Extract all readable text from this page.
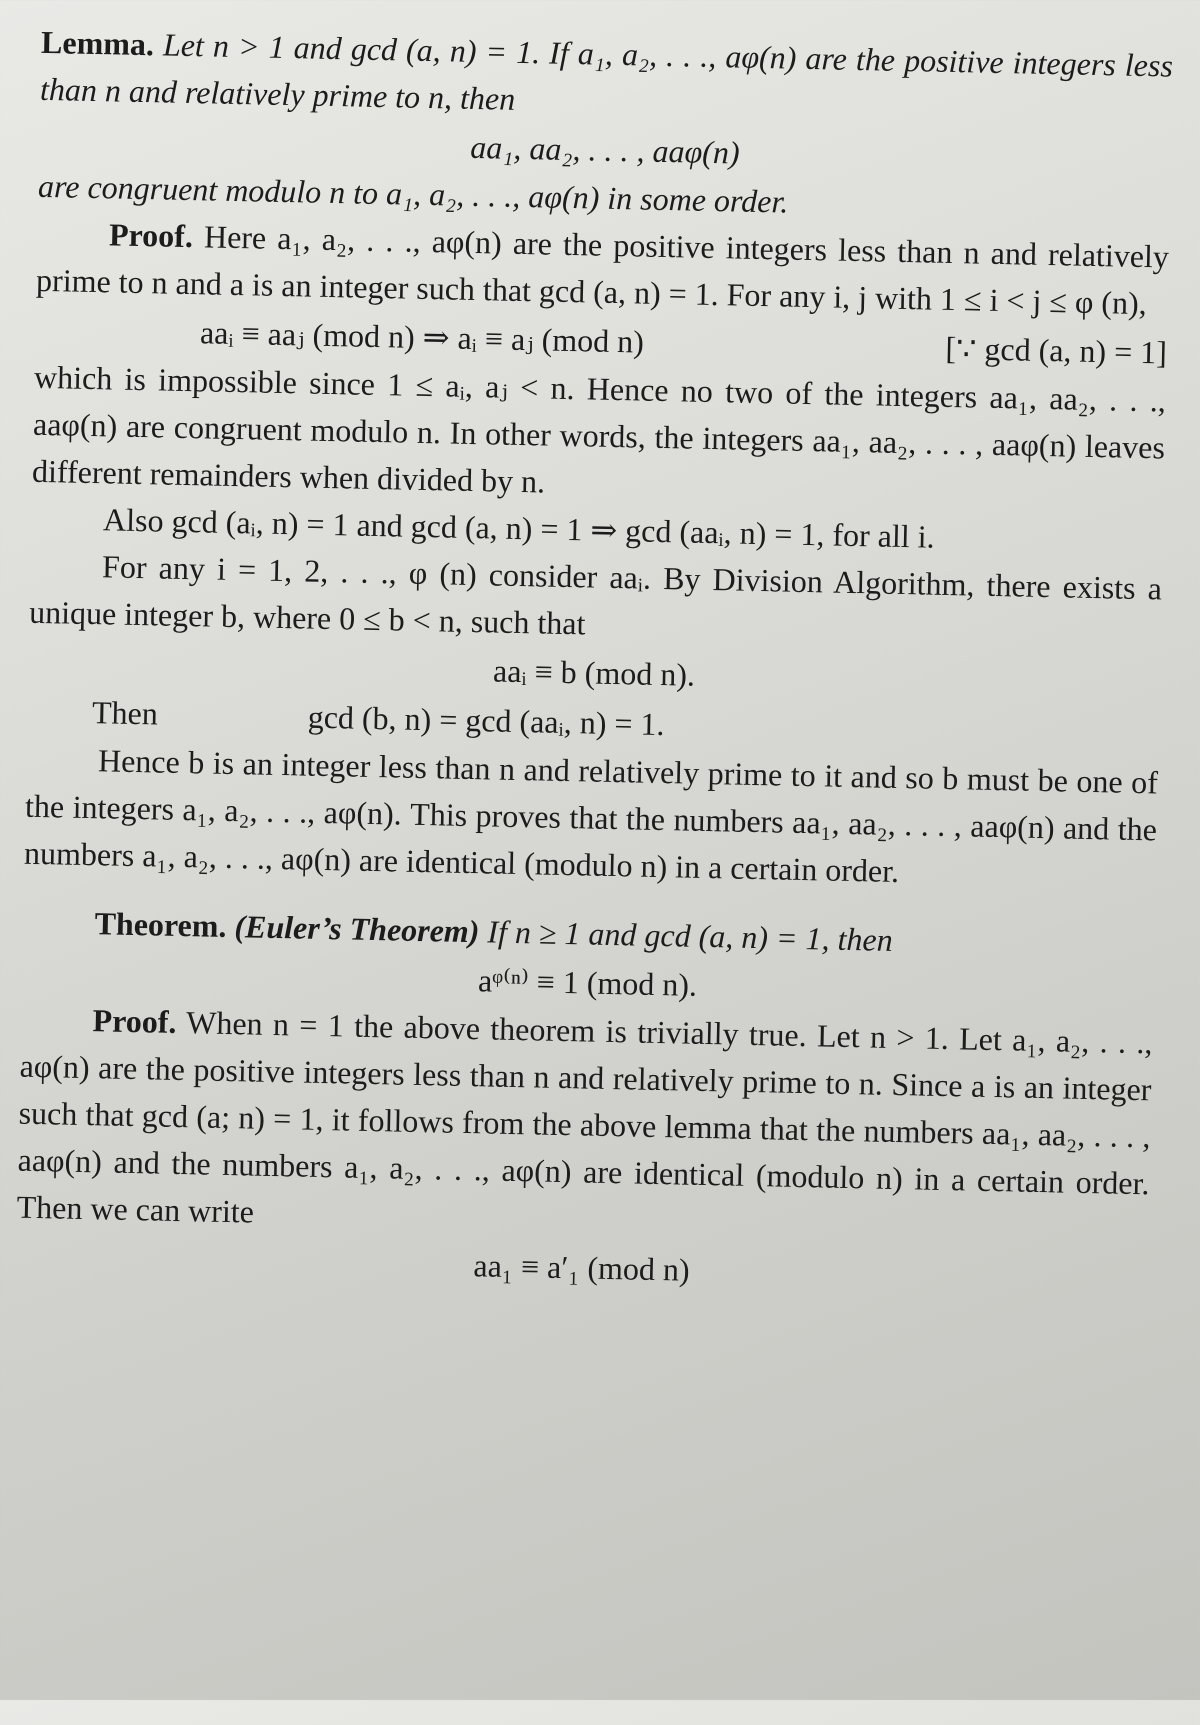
Lemma. Let n > 1 and gcd (a, n) = 1. If a₁, a₂, . . ., aφ(n) are the positive integers less than n and relatively prime to n, then

aa₁, aa₂, . . . , aaφ(n)

are congruent modulo n to a₁, a₂, . . ., aφ(n) in some order.

Proof. Here a₁, a₂, . . ., aφ(n) are the positive integers less than n and relatively prime to n and a is an integer such that gcd (a, n) = 1. For any i, j with 1 ≤ i < j ≤ φ (n),

aaᵢ ≡ aaⱼ (mod n) ⇒ aᵢ ≡ aⱼ (mod n)	[∵ gcd (a, n) = 1]

which is impossible since 1 ≤ aᵢ, aⱼ < n. Hence no two of the integers aa₁, aa₂, . . ., aaφ(n) are congruent modulo n. In other words, the integers aa₁, aa₂, . . . , aaφ(n) leaves different remainders when divided by n.

Also gcd (aᵢ, n) = 1 and gcd (a, n) = 1 ⇒ gcd (aaᵢ, n) = 1, for all i.

For any i = 1, 2, . . ., φ (n) consider aaᵢ. By Division Algorithm, there exists a unique integer b, where 0 ≤ b < n, such that

aaᵢ ≡ b (mod n).

Then	gcd (b, n) = gcd (aaᵢ, n) = 1.

Hence b is an integer less than n and relatively prime to it and so b must be one of the integers a₁, a₂, . . ., aφ(n). This proves that the numbers aa₁, aa₂, . . . , aaφ(n) and the numbers a₁, a₂, . . ., aφ(n) are identical (modulo n) in a certain order.

Theorem. (Euler’s Theorem) If n ≥ 1 and gcd (a, n) = 1, then

aᵠ⁽ⁿ⁾ ≡ 1 (mod n).

Proof. When n = 1 the above theorem is trivially true. Let n > 1. Let a₁, a₂, . . ., aφ(n) are the positive integers less than n and relatively prime to n. Since a is an integer such that gcd (a; n) = 1, it follows from the above lemma that the numbers aa₁, aa₂, . . . , aaφ(n) and the numbers a₁, a₂, . . ., aφ(n) are identical (modulo n) in a certain order. Then we can write

aa₁ ≡ a′₁ (mod n)
